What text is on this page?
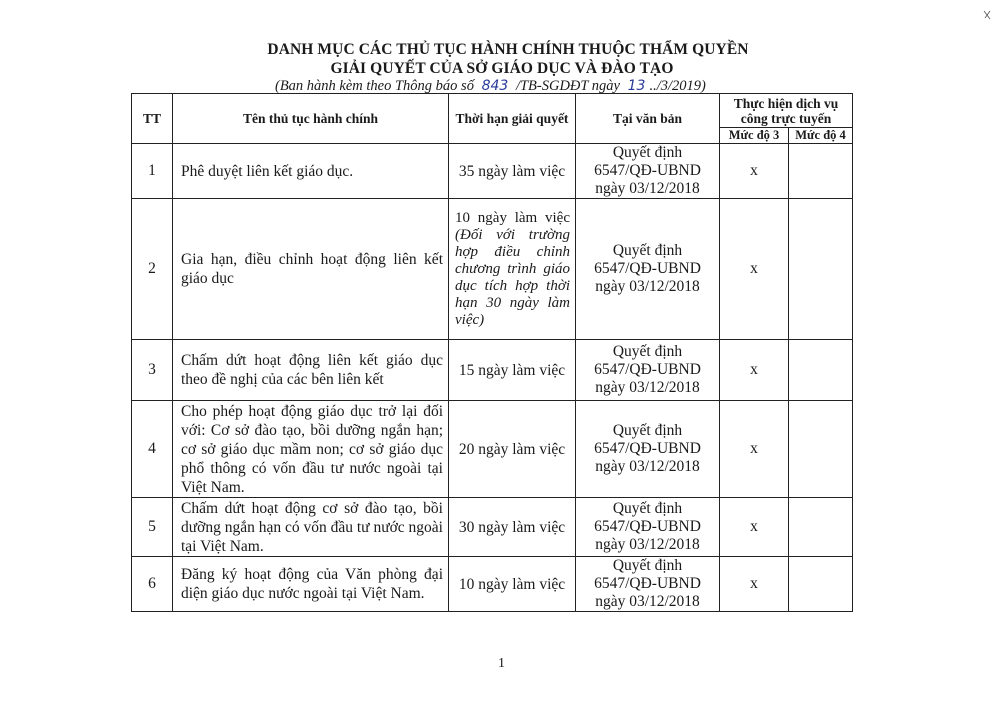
DANH MỤC CÁC THỦ TỤC HÀNH CHÍNH THUỘC THẨM QUYỀN
GIẢI QUYẾT CỦA SỞ GIÁO DỤC VÀ ĐÀO TẠO
(Ban hành kèm theo Thông báo số 843 /TB-SGDĐT ngày 13 ../3/2019)
TT	Tên thủ tục hành chính	Thời hạn giải quyết	Tại văn bản	Thực hiện dịch vụ công trực tuyến	
				Mức độ 3	Mức độ 4
1	Phê duyệt liên kết giáo dục.	35 ngày làm việc	Quyết định
6547/QĐ-UBND
ngày 03/12/2018	x	
2	Gia hạn, điều chỉnh hoạt động liên kết giáo dục	10 ngày làm việc (Đối với trường hợp điều chỉnh chương trình giáo dục tích hợp thời hạn 30 ngày làm việc)	Quyết định
6547/QĐ-UBND
ngày 03/12/2018	x	
3	Chấm dứt hoạt động liên kết giáo dục theo đề nghị của các bên liên kết	15 ngày làm việc	Quyết định
6547/QĐ-UBND
ngày 03/12/2018	x	
4	Cho phép hoạt động giáo dục trở lại đối với: Cơ sở đào tạo, bồi dưỡng ngắn hạn; cơ sở giáo dục mầm non; cơ sở giáo dục phổ thông có vốn đầu tư nước ngoài tại Việt Nam.	20 ngày làm việc	Quyết định
6547/QĐ-UBND
ngày 03/12/2018	x	
5	Chấm dứt hoạt động cơ sở đào tạo, bồi dưỡng ngắn hạn có vốn đầu tư nước ngoài tại Việt Nam.	30 ngày làm việc	Quyết định
6547/QĐ-UBND
ngày 03/12/2018	x	
6	Đăng ký hoạt động của Văn phòng đại diện giáo dục nước ngoài tại Việt Nam.	10 ngày làm việc	Quyết định
6547/QĐ-UBND
ngày 03/12/2018	x	
1
